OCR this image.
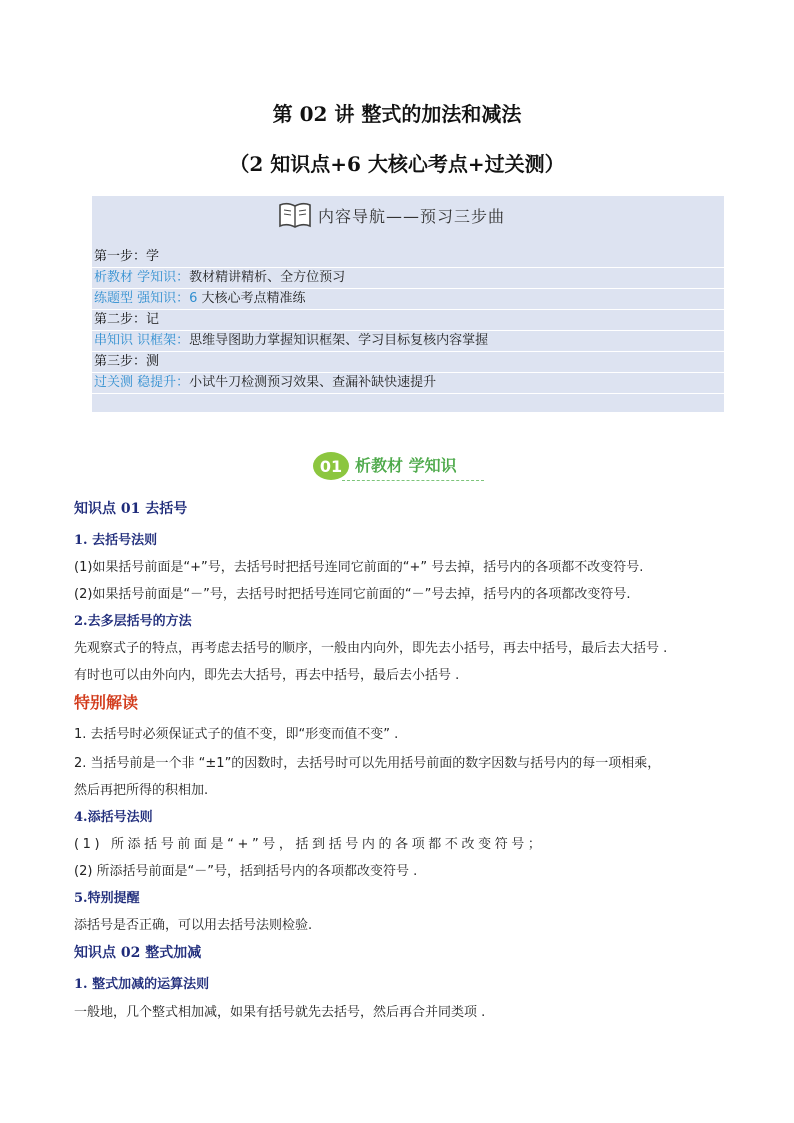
第 02 讲 整式的加法和减法
（2 知识点+6 大核心考点+过关测）
内容导航——预习三步曲
第一步：学
析教材 学知识：教材精讲精析、全方位预习
练题型 强知识：6 大核心考点精准练
第二步：记
串知识 识框架：思维导图助力掌握知识框架、学习目标复核内容掌握
第三步：测
过关测 稳提升：小试牛刀检测预习效果、查漏补缺快速提升
01 析教材 学知识
知识点 01 去括号
1. 去括号法则
(1)如果括号前面是“+”号，去括号时把括号连同它前面的“+” 号去掉，括号内的各项都不改变符号.
(2)如果括号前面是“－”号，去括号时把括号连同它前面的“－”号去掉，括号内的各项都改变符号.
2.去多层括号的方法
先观察式子的特点，再考虑去括号的顺序，一般由内向外，即先去小括号，再去中括号，最后去大括号 .
有时也可以由外向内，即先去大括号，再去中括号，最后去小括号 .
特别解读
1. 去括号时必须保证式子的值不变，即“形变而值不变” .
2. 当括号前是一个非 “±1”的因数时，去括号时可以先用括号前面的数字因数与括号内的每一项相乘，
然后再把所得的积相加.
4.添括号法则
(1) 所添括号前面是“+”号，括到括号内的各项都不改变符号；
(2) 所添括号前面是“－”号，括到括号内的各项都改变符号 .
5.特别提醒
添括号是否正确，可以用去括号法则检验.
知识点 02 整式加减
1. 整式加减的运算法则
一般地，几个整式相加减，如果有括号就先去括号，然后再合并同类项 .
